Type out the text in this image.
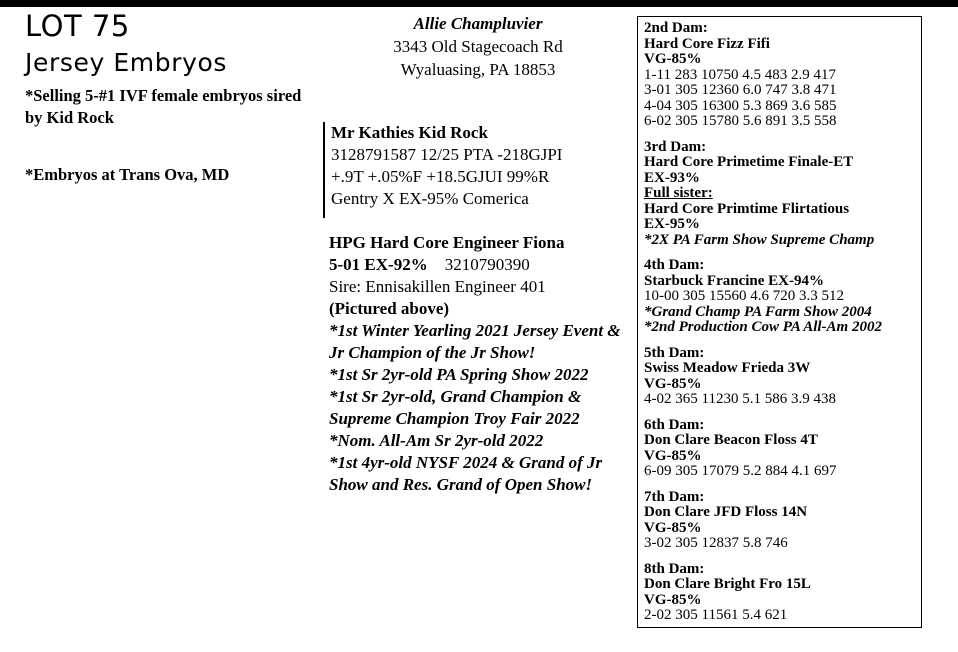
LOT 75
Jersey Embryos
*Selling 5-#1 IVF female embryos sired by Kid Rock
*Embryos at Trans Ova, MD
Allie Champluvier
3343 Old Stagecoach Rd
Wyaluasing, PA 18853
Mr Kathies Kid Rock
3128791587 12/25 PTA -218GJPI
+.9T +.05%F +18.5GJUI 99%R
Gentry X EX-95% Comerica
HPG Hard Core Engineer Fiona
5-01 EX-92% 3210790390
Sire: Ennisakillen Engineer 401
(Pictured above)
*1st Winter Yearling 2021 Jersey Event & Jr Champion of the Jr Show!
*1st Sr 2yr-old PA Spring Show 2022
*1st Sr 2yr-old, Grand Champion & Supreme Champion Troy Fair 2022
*Nom. All-Am Sr 2yr-old 2022
*1st 4yr-old NYSF 2024 & Grand of Jr Show and Res. Grand of Open Show!
2nd Dam:
Hard Core Fizz Fifi
VG-85%
1-11 283 10750 4.5 483 2.9 417
3-01 305 12360 6.0 747 3.8 471
4-04 305 16300 5.3 869 3.6 585
6-02 305 15780 5.6 891 3.5 558
3rd Dam:
Hard Core Primetime Finale-ET
EX-93%
Full sister:
Hard Core Primtime Flirtatious
EX-95%
*2X PA Farm Show Supreme Champ
4th Dam:
Starbuck Francine EX-94%
10-00 305 15560 4.6 720 3.3 512
*Grand Champ PA Farm Show 2004
*2nd Production Cow PA All-Am 2002
5th Dam:
Swiss Meadow Frieda 3W
VG-85%
4-02 365 11230 5.1 586 3.9 438
6th Dam:
Don Clare Beacon Floss 4T
VG-85%
6-09 305 17079 5.2 884 4.1 697
7th Dam:
Don Clare JFD Floss 14N
VG-85%
3-02 305 12837 5.8 746
8th Dam:
Don Clare Bright Fro 15L
VG-85%
2-02 305 11561 5.4 621
